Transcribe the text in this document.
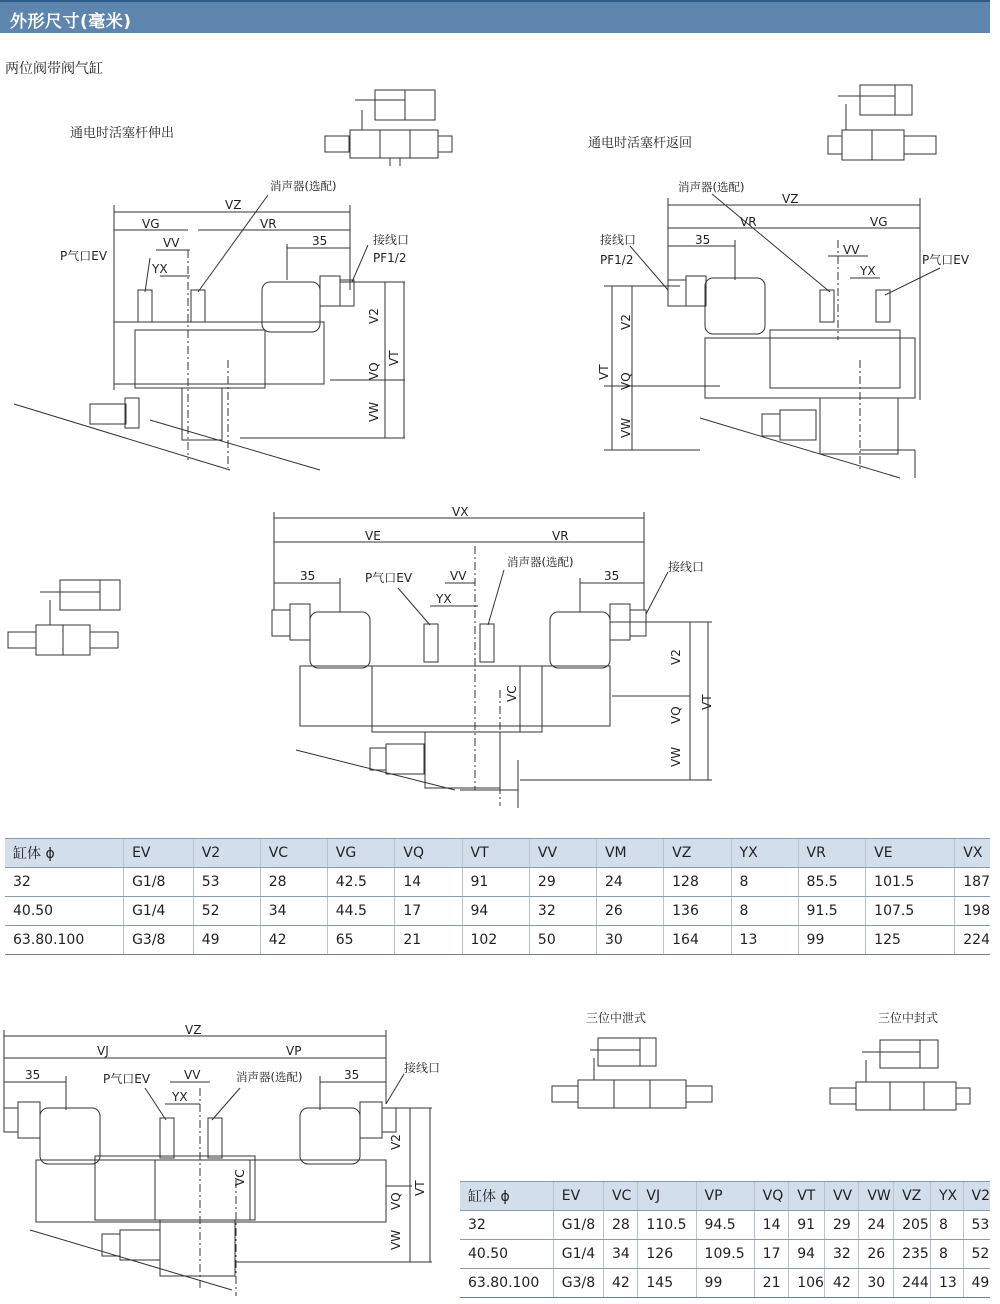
外形尺寸(毫米)
两位阀带阀气缸
VZ
VG	VR
VV
YX
35
消声器(选配)
P气口EV
接线口
PF1/2
V2
VQ
VW
VT
通电时活塞杆伸出
VZ
VR	VG
35
VV
YX
消声器(选配)
接线口
PF1/2	P气口EV
V2
VQ
VW
VT
通电时活塞杆返回
VX
VE	VR
35	35
VV
YX
P气口EV
消声器(选配)	接线口
VC
V2
VQ
VW
VT
VZ
VJ	VP
35	35
VV
YX
P气口EV	消声器(选配)
接线口
VC
V2
VQ
VW
VT
三位中泄式	三位中封式
缸体 ϕ	EV	V2	VC	VG	VQ	VT	VV	VM	VZ	YX	VR	VE	VX
32	G1/8	53	28	42.5	14	91	29	24	128	8	85.5	101.5	187
40.50	G1/4	52	34	44.5	17	94	32	26	136	8	91.5	107.5	198
63.80.100	G3/8	49	42	65	21	102	50	30	164	13	99	125	224
缸体 ϕ	EV	VC	VJ	VP	VQ	VT	VV	VW	VZ	YX	V2
32	G1/8	28	110.5	94.5	14	91	29	24	205	8	53
40.50	G1/4	34	126	109.5	17	94	32	26	235	8	52
63.80.100	G3/8	42	145	99	21	106	42	30	244	13	49
